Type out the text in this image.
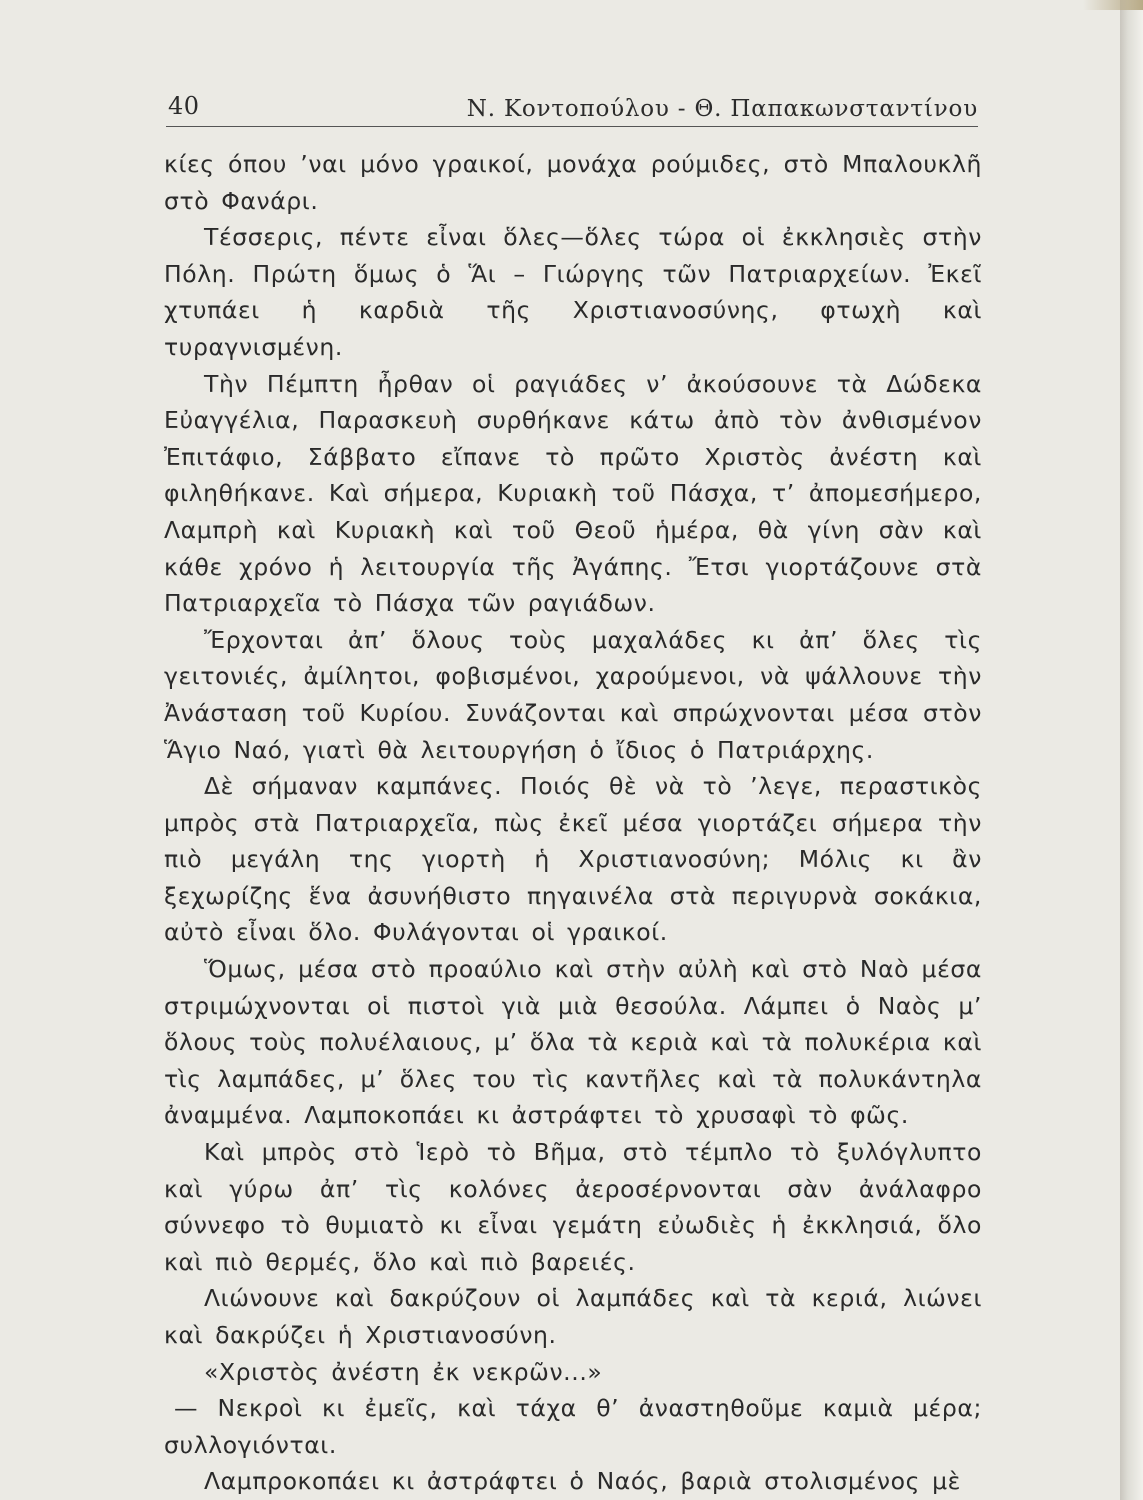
40	Ν. Κοντοπούλου - Θ. Παπακωνσταντίνου

κίες όπου ’ναι μόνο γραικοί, μονάχα ρούμιδες, στὸ Μπαλουκλῆ στὸ Φανάρι.

Τέσσερις, πέντε εἶναι ὅλες—ὅλες τώρα οἱ ἐκκλησιὲς στὴν Πόλη. Πρώτη ὅμως ὁ Ἅι – Γιώργης τῶν Πατριαρχείων. Ἐκεῖ χτυπάει ἡ καρδιὰ τῆς Χριστιανοσύνης, φτωχὴ καὶ τυραγνισμένη.

Τὴν Πέμπτη ἦρθαν οἱ ραγιάδες ν’ ἀκούσουνε τὰ Δώδεκα Εὐαγγέλια, Παρασκευὴ συρθήκανε κάτω ἀπὸ τὸν ἀνθισμένον Ἐπιτάφιο, Σάββατο εἴπανε τὸ πρῶτο Χριστὸς ἀνέστη καὶ φιληθήκανε. Καὶ σήμερα, Κυριακὴ τοῦ Πάσχα, τ’ ἀπομεσήμερο, Λαμπρὴ καὶ Κυριακὴ καὶ τοῦ Θεοῦ ἡμέρα, θὰ γίνη σὰν καὶ κάθε χρόνο ἡ λειτουργία τῆς Ἀγάπης. Ἔτσι γιορτάζουνε στὰ Πατριαρχεῖα τὸ Πάσχα τῶν ραγιάδων.

Ἔρχονται ἀπ’ ὅλους τοὺς μαχαλάδες κι ἀπ’ ὅλες τὶς γειτονιές, ἀμίλητοι, φοβισμένοι, χαρούμενοι, νὰ ψάλλουνε τὴν Ἀνάσταση τοῦ Κυρίου. Συνάζονται καὶ σπρώχνονται μέσα στὸν Ἅγιο Ναό, γιατὶ θὰ λειτουργήση ὁ ἴδιος ὁ Πατριάρχης.

Δὲ σήμαναν καμπάνες. Ποιός θὲ νὰ τὸ ’λεγε, περαστικὸς μπρὸς στὰ Πατριαρχεῖα, πὼς ἐκεῖ μέσα γιορτάζει σήμερα τὴν πιὸ μεγάλη της γιορτὴ ἡ Χριστιανοσύνη; Μόλις κι ἂν ξεχωρίζης ἕνα ἀσυνήθιστο πηγαινέλα στὰ περιγυρνὰ σοκάκια, αὐτὸ εἶναι ὅλο. Φυλάγονται οἱ γραικοί.

Ὅμως, μέσα στὸ προαύλιο καὶ στὴν αὐλὴ καὶ στὸ Ναὸ μέσα στριμώχνονται οἱ πιστοὶ γιὰ μιὰ θεσούλα. Λάμπει ὁ Ναὸς μ’ ὅλους τοὺς πολυέλαιους, μ’ ὅλα τὰ κεριὰ καὶ τὰ πολυκέρια καὶ τὶς λαμπάδες, μ’ ὅλες του τὶς καντῆλες καὶ τὰ πολυκάντηλα ἀναμμένα. Λαμποκοπάει κι ἀστράφτει τὸ χρυσαφὶ τὸ φῶς.

Καὶ μπρὸς στὸ Ἱερὸ τὸ Βῆμα, στὸ τέμπλο τὸ ξυλόγλυπτο καὶ γύρω ἀπ’ τὶς κολόνες ἀεροσέρνονται σὰν ἀνάλαφρο σύννεφο τὸ θυμιατὸ κι εἶναι γεμάτη εὐωδιὲς ἡ ἐκκλησιά, ὅλο καὶ πιὸ θερμές, ὅλο καὶ πιὸ βαρειές.

Λιώνουνε καὶ δακρύζουν οἱ λαμπάδες καὶ τὰ κεριά, λιώνει καὶ δακρύζει ἡ Χριστιανοσύνη.

«Χριστὸς ἀνέστη ἐκ νεκρῶν...»

— Νεκροὶ κι ἐμεῖς, καὶ τάχα θ’ ἀναστηθοῦμε καμιὰ μέρα; συλλογιόνται.

Λαμπροκοπάει κι ἀστράφτει ὁ Ναός, βαριὰ στολισμένος μὲ
